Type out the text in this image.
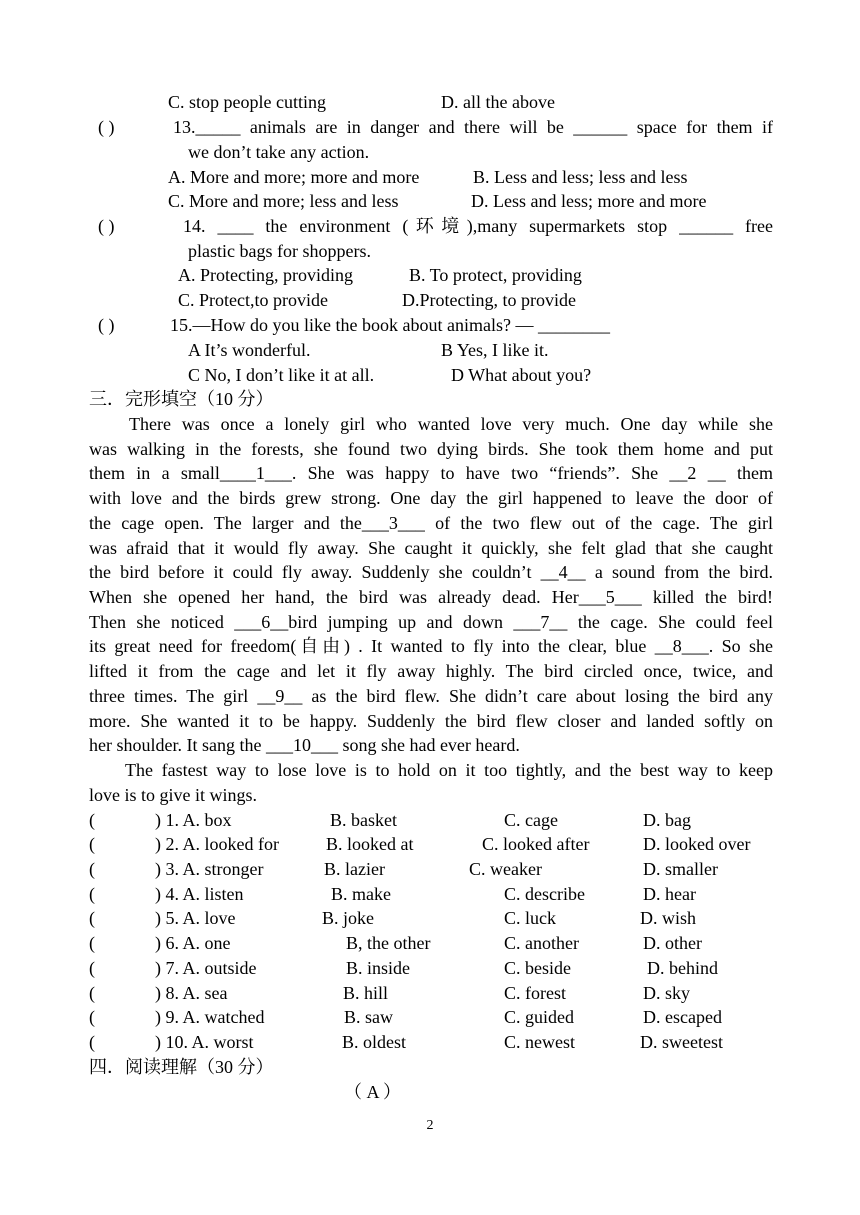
C. stop people cutting	D. all the above
( )	13._____ animals are in danger and there will be ______ space for them if
we don’t take any action.
A. More and more; more and more	B. Less and less; less and less
C. More and more; less and less	D. Less and less; more and more
( )	14. ____ the environment (环境),many supermarkets stop ______ free
plastic bags for shoppers.
A. Protecting, providing	B. To protect, providing
C. Protect,to provide	D.Protecting, to provide
( )	15.—How do you like the book about animals? — ________
A It’s wonderful.	B Yes, I like it.
C No, I don’t like it at all.	D What about you?
三．完形填空（10 分）
There was once a lonely girl who wanted love very much. One day while she
was walking in the forests, she found two dying birds. She took them home and put
them in a small____1___. She was happy to have two “friends”. She __2 __ them
with love and the birds grew strong. One day the girl happened to leave the door of
the cage open. The larger and the___3___ of the two flew out of the cage. The girl
was afraid that it would fly away. She caught it quickly, she felt glad that she caught
the bird before it could fly away. Suddenly she couldn’t __4__ a sound from the bird.
When she opened her hand, the bird was already dead. Her___5___ killed the bird!
Then she noticed ___6__bird jumping up and down ___7__ the cage. She could feel
its great need for freedom(自由) . It wanted to fly into the clear, blue __8___. So she
lifted it from the cage and let it fly away highly. The bird circled once, twice, and
three times. The girl __9__ as the bird flew. She didn’t care about losing the bird any
more. She wanted it to be happy. Suddenly the bird flew closer and landed softly on
her shoulder. It sang the ___10___ song she had ever heard.
The fastest way to lose love is to hold on it too tightly, and the best way to keep
love is to give it wings.
(	) 1. A. box	B. basket	C. cage	D. bag
(	) 2. A. looked for	B. looked at	C. looked after	D. looked over
(	) 3. A. stronger	B. lazier	C. weaker	D. smaller
(	) 4. A. listen	B. make	C. describe	D. hear
(	) 5. A. love	B. joke	C. luck	D. wish
(	) 6. A. one	B, the other	C. another	D. other
(	) 7. A. outside	B. inside	C. beside	D. behind
(	) 8. A. sea	B. hill	C. forest	D. sky
(	) 9. A. watched	B. saw	C. guided	D. escaped
(	) 10. A. worst	B. oldest	C. newest	D. sweetest
四．阅读理解（30 分）
（ A ）
2
